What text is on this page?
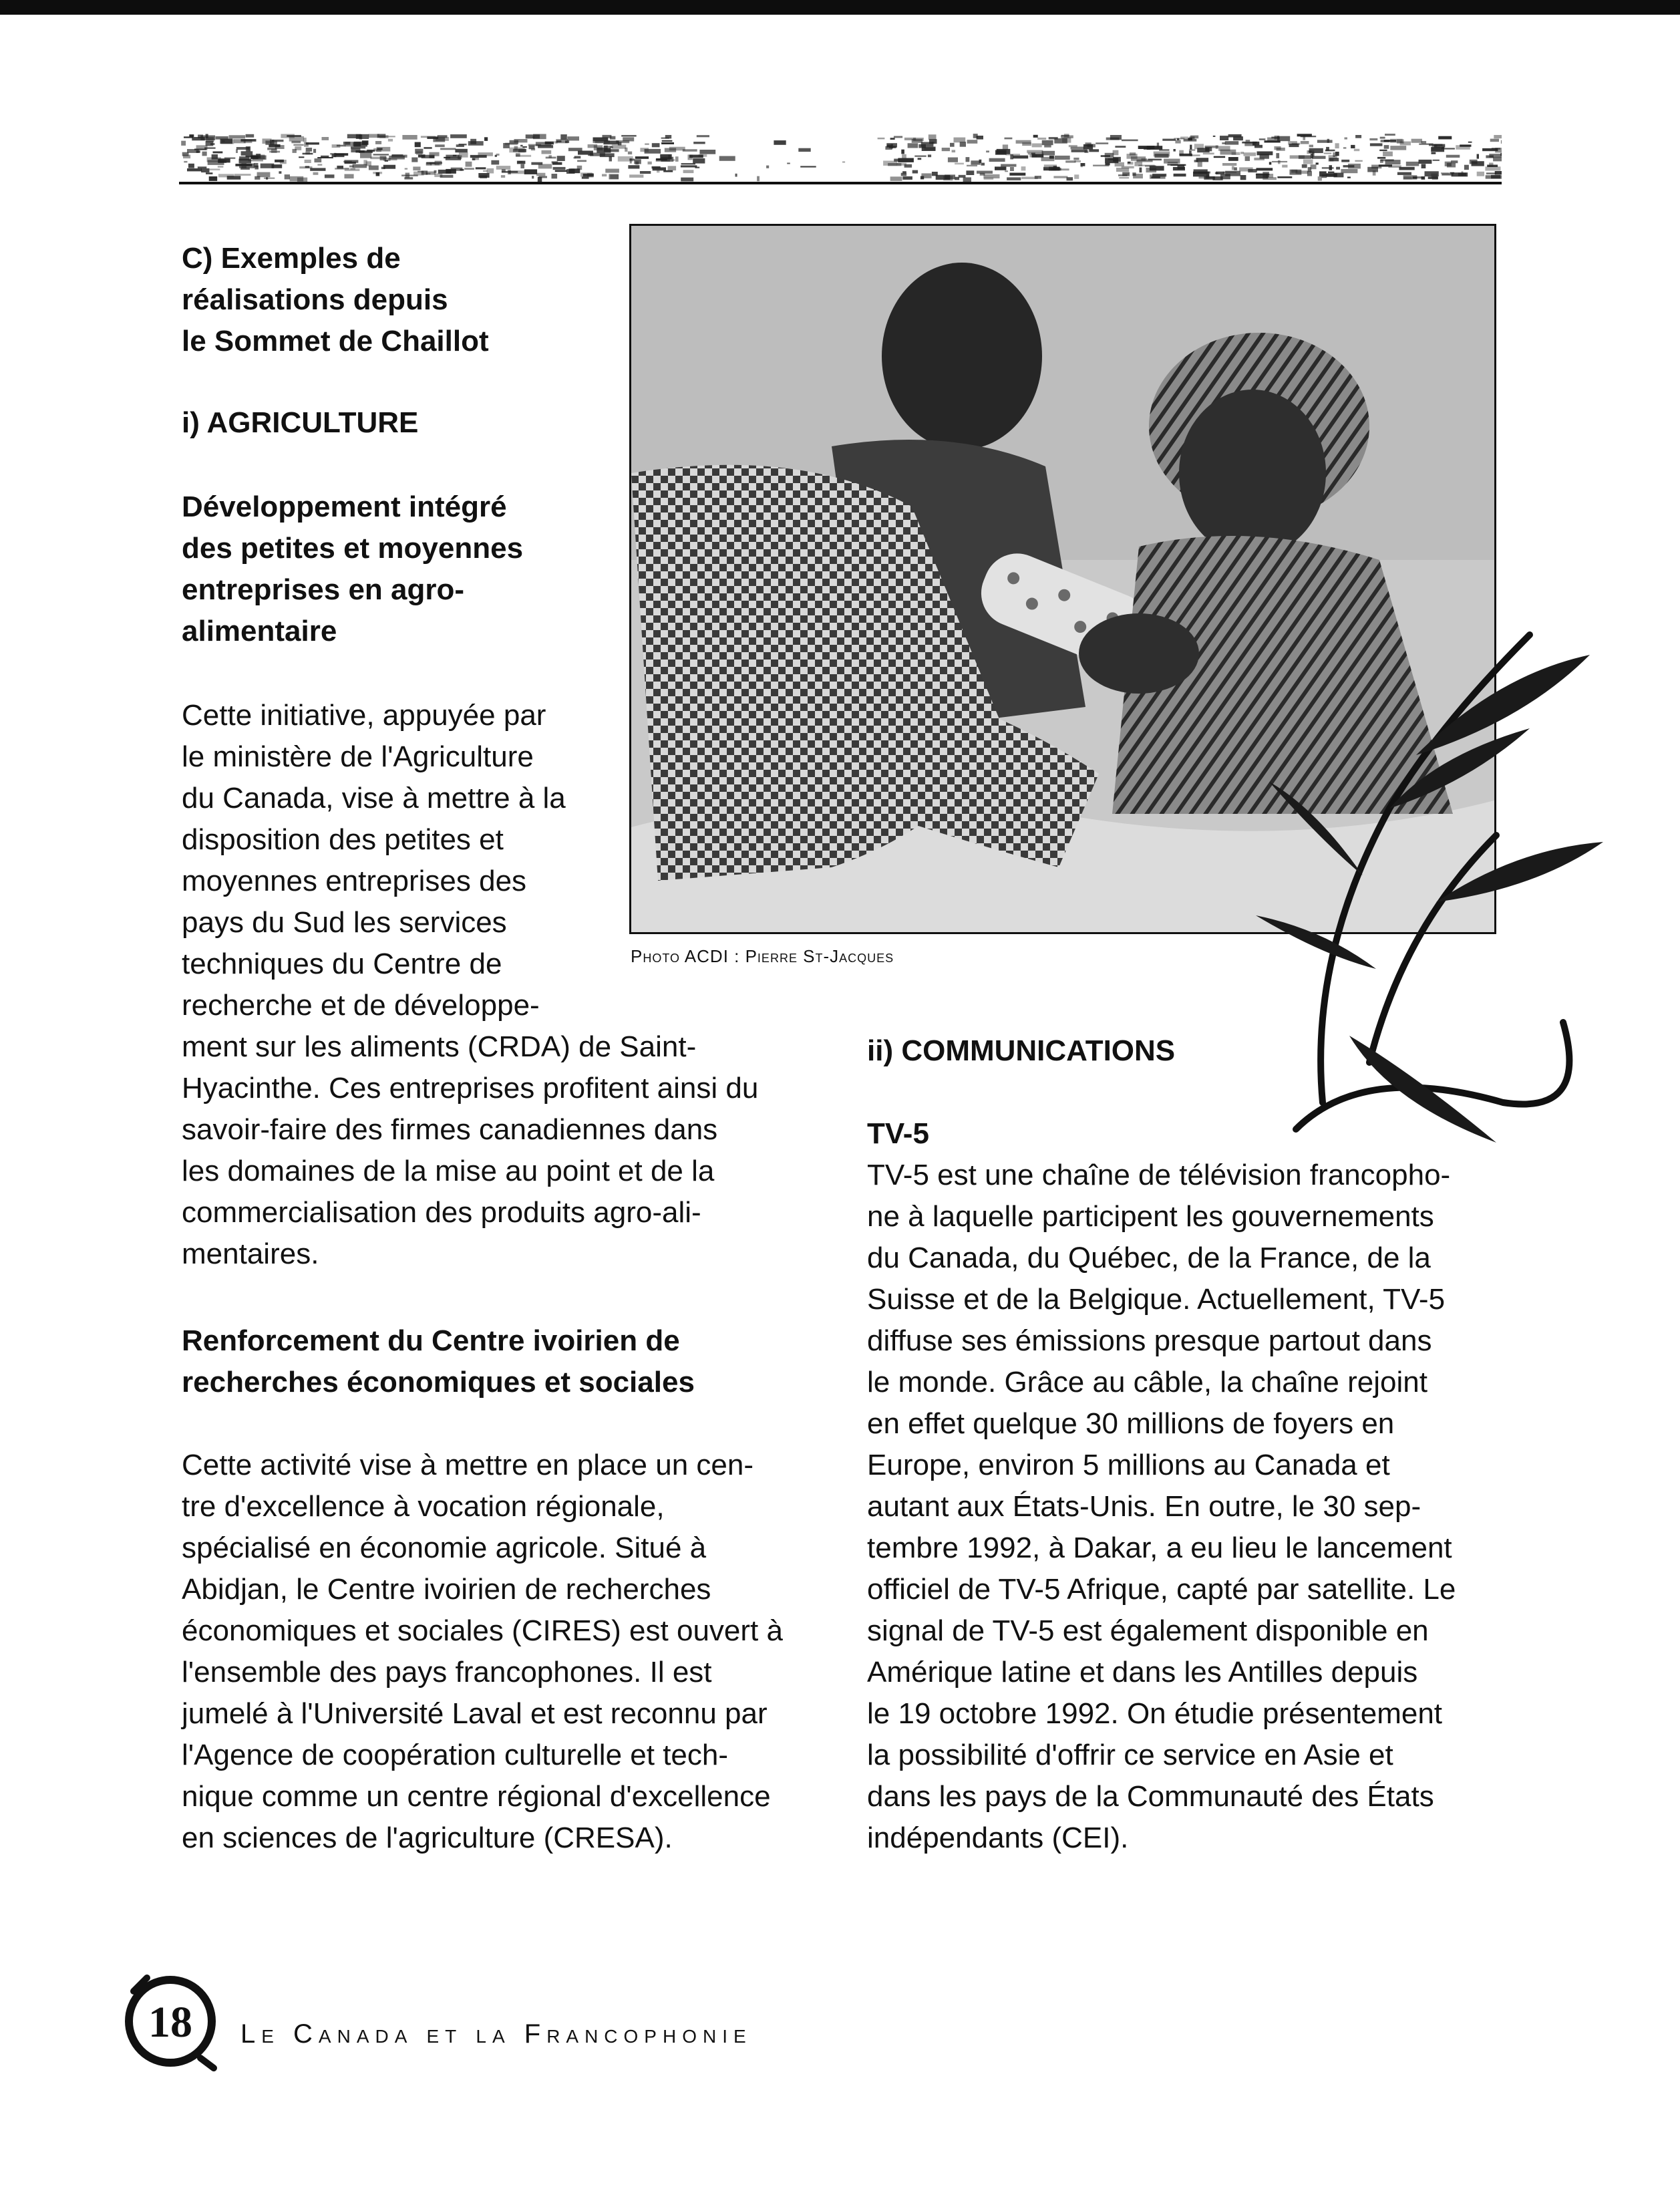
C) Exemples de
réalisations depuis
le Sommet de Chaillot
i) AGRICULTURE
Développement intégré
des petites et moyennes
entreprises en agro-
alimentaire
Cette initiative, appuyée par
le ministère de l'Agriculture
du Canada, vise à mettre à la
disposition des petites et
moyennes entreprises des
pays du Sud les services
techniques du Centre de
recherche et de développe-
ment sur les aliments (CRDA) de Saint-
Hyacinthe. Ces entreprises profitent ainsi du
savoir-faire des firmes canadiennes dans
les domaines de la mise au point et de la
commercialisation des produits agro-ali-
mentaires.
Renforcement du Centre ivoirien de
recherches économiques et sociales
Cette activité vise à mettre en place un cen-
tre d'excellence à vocation régionale,
spécialisé en économie agricole. Situé à
Abidjan, le Centre ivoirien de recherches
économiques et sociales (CIRES) est ouvert à
l'ensemble des pays francophones. Il est
jumelé à l'Université Laval et est reconnu par
l'Agence de coopération culturelle et tech-
nique comme un centre régional d'excellence
en sciences de l'agriculture (CRESA).
Photo ACDI : Pierre St-Jacques
ii) COMMUNICATIONS
TV-5
TV-5 est une chaîne de télévision francopho-
ne à laquelle participent les gouvernements
du Canada, du Québec, de la France, de la
Suisse et de la Belgique. Actuellement, TV-5
diffuse ses émissions presque partout dans
le monde. Grâce au câble, la chaîne rejoint
en effet quelque 30 millions de foyers en
Europe, environ 5 millions au Canada et
autant aux États-Unis. En outre, le 30 sep-
tembre 1992, à Dakar, a eu lieu le lancement
officiel de TV-5 Afrique, capté par satellite. Le
signal de TV-5 est également disponible en
Amérique latine et dans les Antilles depuis
le 19 octobre 1992. On étudie présentement
la possibilité d'offrir ce service en Asie et
dans les pays de la Communauté des États
indépendants (CEI).
18 Le Canada et la Francophonie
